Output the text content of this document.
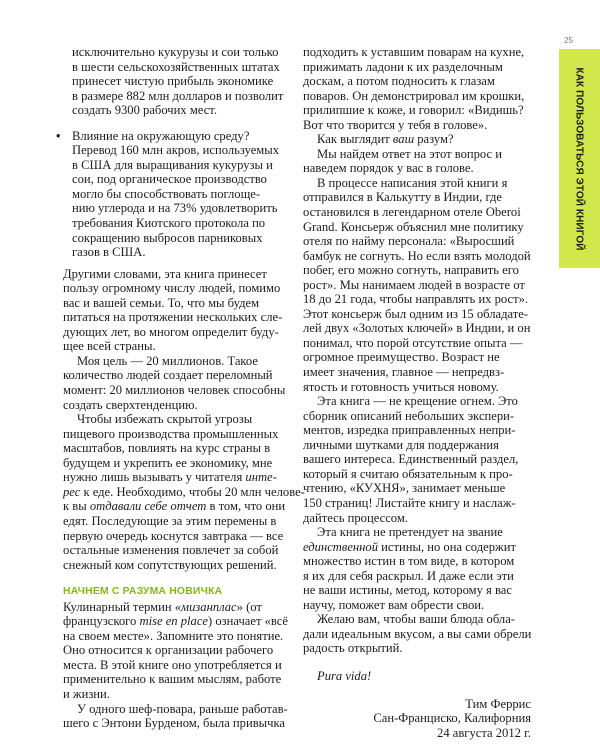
25
КАК ПОЛЬЗОВАТЬСЯ ЭТОЙ КНИГОЙ
исключительно кукурузы и сои только
в шести сельскохозяйственных штатах
принесет чистую прибыль экономике
в размере 882 млн долларов и позволит
создать 9300 рабочих мест.
• Влияние на окружающую среду?
Перевод 160 млн акров, используемых
в США для выращивания кукурузы и
сои, под органическое производство
могло бы способствовать поглоще-
нию углерода и на 73% удовлетворить
требования Киотского протокола по
сокращению выбросов парниковых
газов в США.

Другими словами, эта книга принесет
пользу огромному числу людей, помимо
вас и вашей семьи. То, что мы будем
питаться на протяжении нескольких сле-
дующих лет, во многом определит буду-
щее всей страны.

Моя цель — 20 миллионов. Такое
количество людей создает переломный
момент: 20 миллионов человек способны
создать сверхтенденцию.

Чтобы избежать скрытой угрозы
пищевого производства промышленных
масштабов, повлиять на курс страны в
будущем и укрепить ее экономику, мне
нужно лишь вызывать у читателя инте-
рес к еде. Необходимо, чтобы 20 млн челове-
к вы отдавали себе отчет в том, что они
едят. Последующие за этим перемены в
первую очередь коснутся завтрака — все
остальные изменения повлечет за собой
снежный ком сопутствующих решений.

НАЧНЕМ С РАЗУМА НОВИЧКА

Кулинарный термин «мизанплас» (от
французского mise en place) означает «всё
на своем месте». Запомните это понятие.
Оно относится к организации рабочего
места. В этой книге оно употребляется и
применительно к вашим мыслям, работе
и жизни.

У одного шеф-повара, раньше работав-
шего с Энтони Бурденом, была привычка

подходить к уставшим поварам на кухне,
прижимать ладони к их разделочным
доскам, а потом подносить к глазам
поваров. Он демонстрировал им крошки,
прилипшие к коже, и говорил: «Видишь?
Вот что творится у тебя в голове».

Как выглядит ваш разум?
Мы найдем ответ на этот вопрос и
наведем порядок у вас в голове.

В процессе написания этой книги я
отправился в Калькутту в Индии, где
остановился в легендарном отеле Oberoi
Grand. Консьерж объяснил мне политику
отеля по найму персонала: «Выросший
бамбук не согнуть. Но если взять молодой
побег, его можно согнуть, направить его
рост». Мы нанимаем людей в возрасте от
18 до 21 года, чтобы направлять их рост».
Этот консьерж был одним из 15 обладате-
лей двух «Золотых ключей» в Индии, и он
понимал, что порой отсутствие опыта —
огромное преимущество. Возраст не
имеет значения, главное — непредвз-
ятость и готовность учиться новому.

Эта книга — не крещение огнем. Это
сборник описаний небольших экспери-
ментов, изредка приправленных непри-
личными шутками для поддержания
вашего интереса. Единственный раздел,
который я считаю обязательным к про-
чтению, «КУХНЯ», занимает меньше
150 страниц! Листайте книгу и наслаж-
дайтесь процессом.

Эта книга не претендует на звание
единственной истины, но она содержит
множество истин в том виде, в котором
я их для себя раскрыл. И даже если эти
не ваши истины, метод, которому я вас
научу, поможет вам обрести свои.

Желаю вам, чтобы ваши блюда обла-
дали идеальным вкусом, а вы сами обрели
радость открытий.

Pura vida!

Тим Феррис
Сан-Франциско, Калифорния
24 августа 2012 г.
